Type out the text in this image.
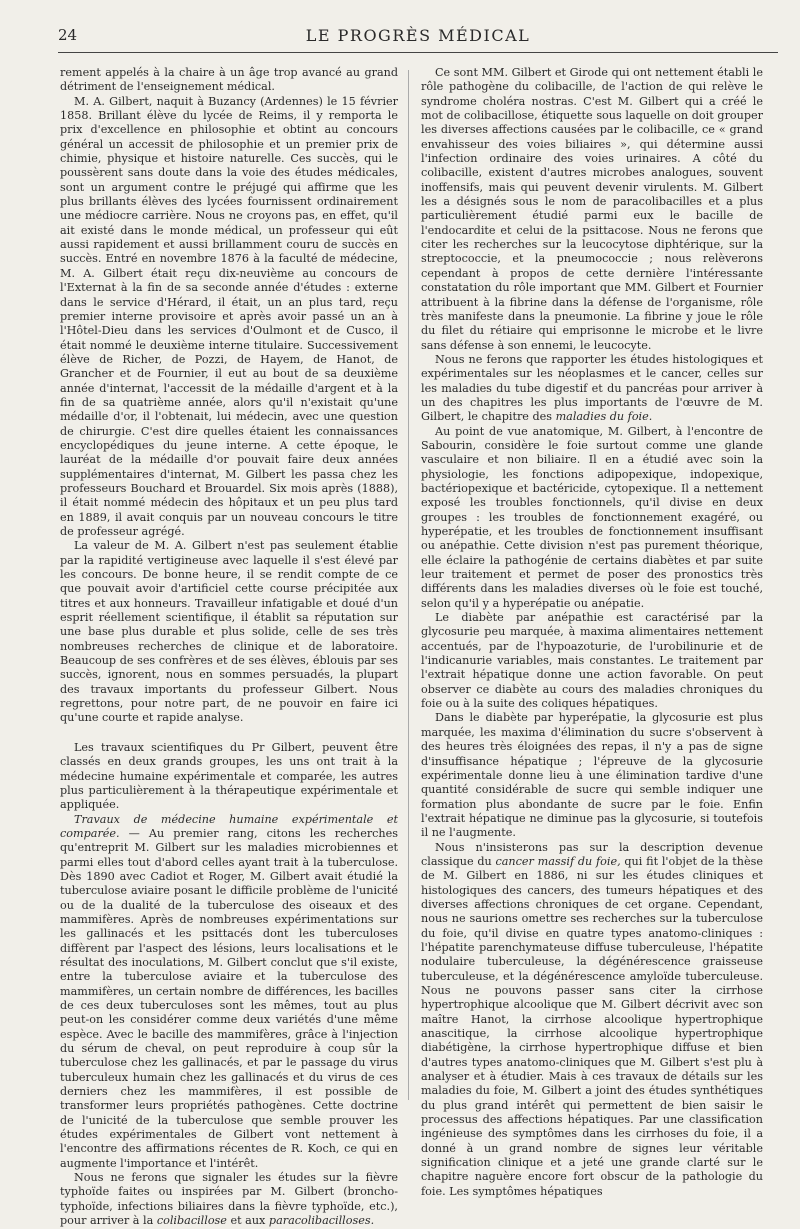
24	LE PROGRÈS MÉDICAL

rement appelés à la chaire à un âge trop avancé au grand détriment de l'enseignement médical.

M. A. Gilbert, naquit à Buzancy (Ardennes) le 15 février 1858. Brillant élève du lycée de Reims, il y remporta le prix d'excellence en philosophie et obtint au concours général un accessit de philosophie et un premier prix de chimie, physique et histoire naturelle. Ces succès, qui le poussèrent sans doute dans la voie des études médicales, sont un argument contre le préjugé qui affirme que les plus brillants élèves des lycées fournissent ordinairement une médiocre carrière. Nous ne croyons pas, en effet, qu'il ait existé dans le monde médical, un professeur qui eût aussi rapidement et aussi brillamment couru de succès en succès. Entré en novembre 1876 à la faculté de médecine, M. A. Gilbert était reçu dix-neuvième au concours de l'Externat à la fin de sa seconde année d'études : externe dans le service d'Hérard, il était, un an plus tard, reçu premier interne provisoire et après avoir passé un an à l'Hôtel-Dieu dans les services d'Oulmont et de Cusco, il était nommé le deuxième interne titulaire. Successivement élève de Richer, de Pozzi, de Hayem, de Hanot, de Grancher et de Fournier, il eut au bout de sa deuxième année d'internat, l'accessit de la médaille d'argent et à la fin de sa quatrième année, alors qu'il n'existait qu'une médaille d'or, il l'obtenait, lui médecin, avec une question de chirurgie. C'est dire quelles étaient les connaissances encyclopédiques du jeune interne. A cette époque, le lauréat de la médaille d'or pouvait faire deux années supplémentaires d'internat, M. Gilbert les passa chez les professeurs Bouchard et Brouardel. Six mois après (1888), il était nommé médecin des hôpitaux et un peu plus tard en 1889, il avait conquis par un nouveau concours le titre de professeur agrégé.

La valeur de M. A. Gilbert n'est pas seulement établie par la rapidité vertigineuse avec laquelle il s'est élevé par les concours. De bonne heure, il se rendit compte de ce que pouvait avoir d'artificiel cette course précipitée aux titres et aux honneurs. Travailleur infatigable et doué d'un esprit réellement scientifique, il établit sa réputation sur une base plus durable et plus solide, celle de ses très nombreuses recherches de clinique et de laboratoire. Beaucoup de ses confrères et de ses élèves, éblouis par ses succès, ignorent, nous en sommes persuadés, la plupart des travaux importants du professeur Gilbert. Nous regrettons, pour notre part, de ne pouvoir en faire ici qu'une courte et rapide analyse.

Les travaux scientifiques du Pr Gilbert, peuvent être classés en deux grands groupes, les uns ont trait à la médecine humaine expérimentale et comparée, les autres plus particulièrement à la thérapeutique expérimentale et appliquée.

Travaux de médecine humaine expérimentale et comparée. — Au premier rang, citons les recherches qu'entreprit M. Gilbert sur les maladies microbiennes et parmi elles tout d'abord celles ayant trait à la tuberculose. Dès 1890 avec Cadiot et Roger, M. Gilbert avait étudié la tuberculose aviaire posant le difficile problème de l'unicité ou de la dualité de la tuberculose des oiseaux et des mammifères. Après de nombreuses expérimentations sur les gallinacés et les psittacés dont les tuberculoses diffèrent par l'aspect des lésions, leurs localisations et le résultat des inoculations, M. Gilbert conclut que s'il existe, entre la tuberculose aviaire et la tuberculose des mammifères, un certain nombre de différences, les bacilles de ces deux tuberculoses sont les mêmes, tout au plus peut-on les considérer comme deux variétés d'une même espèce. Avec le bacille des mammifères, grâce à l'injection du sérum de cheval, on peut reproduire à coup sûr la tuberculose chez les gallinacés, et par le passage du virus tuberculeux humain chez les gallinacés et du virus de ces derniers chez les mammifères, il est possible de transformer leurs propriétés pathogènes. Cette doctrine de l'unicité de la tuberculose que semble prouver les études expérimentales de Gilbert vont nettement à l'encontre des affirmations récentes de R. Koch, ce qui en augmente l'importance et l'intérêt.

Nous ne ferons que signaler les études sur la fièvre typhoïde faites ou inspirées par M. Gilbert (broncho-typhoïde, infections biliaires dans la fièvre typhoïde, etc.), pour arriver à la colibacillose et aux paracolibacilloses.

Ce sont MM. Gilbert et Girode qui ont nettement établi le rôle pathogène du colibacille, de l'action de qui relève le syndrome choléra nostras. C'est M. Gilbert qui a créé le mot de colibacillose, étiquette sous laquelle on doit grouper les diverses affections causées par le colibacille, ce « grand envahisseur des voies biliaires », qui détermine aussi l'infection ordinaire des voies urinaires. A côté du colibacille, existent d'autres microbes analogues, souvent inoffensifs, mais qui peuvent devenir virulents. M. Gilbert les a désignés sous le nom de paracolibacilles et a plus particulièrement étudié parmi eux le bacille de l'endocardite et celui de la psittacose. Nous ne ferons que citer les recherches sur la leucocytose diphtérique, sur la streptococcie, et la pneumococcie ; nous relèverons cependant à propos de cette dernière l'intéressante constatation du rôle important que MM. Gilbert et Fournier attribuent à la fibrine dans la défense de l'organisme, rôle très manifeste dans la pneumonie. La fibrine y joue le rôle du filet du rétiaire qui emprisonne le microbe et le livre sans défense à son ennemi, le leucocyte.

Nous ne ferons que rapporter les études histologiques et expérimentales sur les néoplasmes et le cancer, celles sur les maladies du tube digestif et du pancréas pour arriver à un des chapitres les plus importants de l'œuvre de M. Gilbert, le chapitre des maladies du foie.

Au point de vue anatomique, M. Gilbert, à l'encontre de Sabourin, considère le foie surtout comme une glande vasculaire et non biliaire. Il en a étudié avec soin la physiologie, les fonctions adipopexique, indopexique, bactériopexique et bactéricide, cytopexique. Il a nettement exposé les troubles fonctionnels, qu'il divise en deux groupes : les troubles de fonctionnement exagéré, ou hyperépatie, et les troubles de fonctionnement insuffisant ou anépathie. Cette division n'est pas purement théorique, elle éclaire la pathogénie de certains diabètes et par suite leur traitement et permet de poser des pronostics très différents dans les maladies diverses où le foie est touché, selon qu'il y a hyperépatie ou anépatie.

Le diabète par anépathie est caractérisé par la glycosurie peu marquée, à maxima alimentaires nettement accentués, par de l'hypoazoturie, de l'urobilinurie et de l'indicanurie variables, mais constantes. Le traitement par l'extrait hépatique donne une action favorable. On peut observer ce diabète au cours des maladies chroniques du foie ou à la suite des coliques hépatiques.

Dans le diabète par hyperépatie, la glycosurie est plus marquée, les maxima d'élimination du sucre s'observent à des heures très éloignées des repas, il n'y a pas de signe d'insuffisance hépatique ; l'épreuve de la glycosurie expérimentale donne lieu à une élimination tardive d'une quantité considérable de sucre qui semble indiquer une formation plus abondante de sucre par le foie. Enfin l'extrait hépatique ne diminue pas la glycosurie, si toutefois il ne l'augmente.

Nous n'insisterons pas sur la description devenue classique du cancer massif du foie, qui fit l'objet de la thèse de M. Gilbert en 1886, ni sur les études cliniques et histologiques des cancers, des tumeurs hépatiques et des diverses affections chroniques de cet organe. Cependant, nous ne saurions omettre ses recherches sur la tuberculose du foie, qu'il divise en quatre types anatomo-cliniques : l'hépatite parenchymateuse diffuse tuberculeuse, l'hépatite nodulaire tuberculeuse, la dégénérescence graisseuse tuberculeuse, et la dégénérescence amyloïde tuberculeuse. Nous ne pouvons passer sans citer la cirrhose hypertrophique alcoolique que M. Gilbert décrivit avec son maître Hanot, la cirrhose alcoolique hypertrophique anascitique, la cirrhose alcoolique hypertrophique diabétigène, la cirrhose hypertrophique diffuse et bien d'autres types anatomo-cliniques que M. Gilbert s'est plu à analyser et à étudier. Mais à ces travaux de détails sur les maladies du foie, M. Gilbert a joint des études synthétiques du plus grand intérêt qui permettent de bien saisir le processus des affections hépatiques. Par une classification ingénieuse des symptômes dans les cirrhoses du foie, il a donné à un grand nombre de signes leur véritable signification clinique et a jeté une grande clarté sur le chapitre naguère encore fort obscur de la pathologie du foie. Les symptômes hépatiques
